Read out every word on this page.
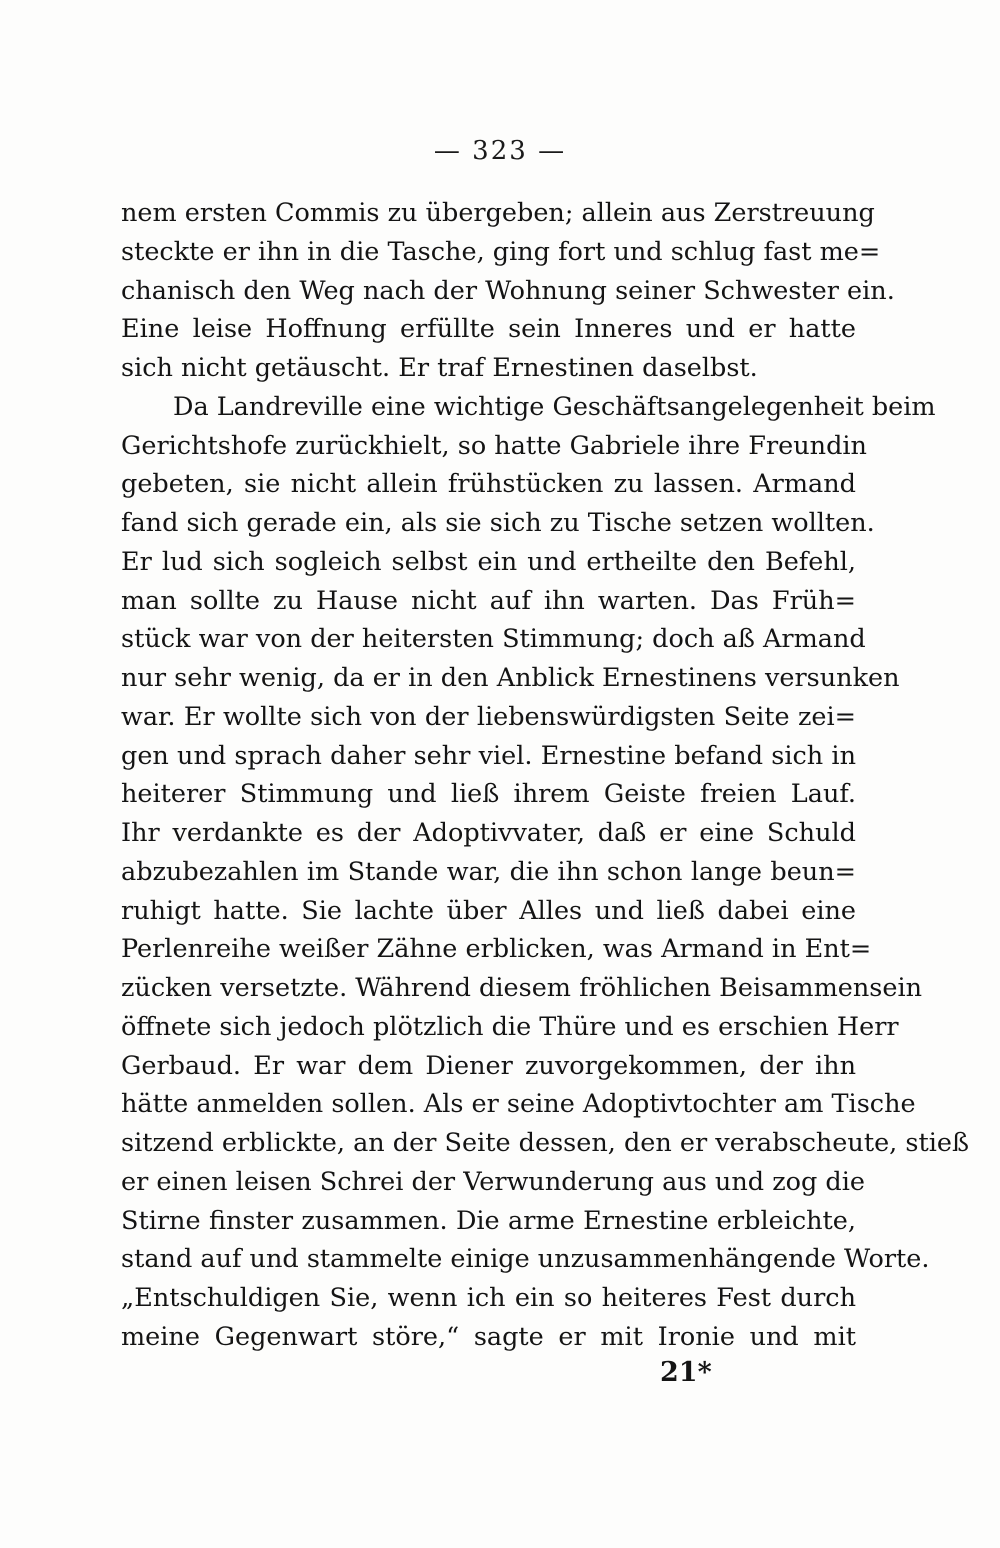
— 323 —
nem ersten Commis zu übergeben; allein aus Zerstreuung
steckte er ihn in die Tasche, ging fort und schlug fast me=
chanisch den Weg nach der Wohnung seiner Schwester ein.
Eine leise Hoffnung erfüllte sein Inneres und er hatte
sich nicht getäuscht. Er traf Ernestinen daselbst.
Da Landreville eine wichtige Geschäftsangelegenheit beim
Gerichtshofe zurückhielt, so hatte Gabriele ihre Freundin
gebeten, sie nicht allein frühstücken zu lassen. Armand
fand sich gerade ein, als sie sich zu Tische setzen wollten.
Er lud sich sogleich selbst ein und ertheilte den Befehl,
man sollte zu Hause nicht auf ihn warten. Das Früh=
stück war von der heitersten Stimmung; doch aß Armand
nur sehr wenig, da er in den Anblick Ernestinens versunken
war. Er wollte sich von der liebenswürdigsten Seite zei=
gen und sprach daher sehr viel. Ernestine befand sich in
heiterer Stimmung und ließ ihrem Geiste freien Lauf.
Ihr verdankte es der Adoptivvater, daß er eine Schuld
abzubezahlen im Stande war, die ihn schon lange beun=
ruhigt hatte. Sie lachte über Alles und ließ dabei eine
Perlenreihe weißer Zähne erblicken, was Armand in Ent=
zücken versetzte. Während diesem fröhlichen Beisammensein
öffnete sich jedoch plötzlich die Thüre und es erschien Herr
Gerbaud. Er war dem Diener zuvorgekommen, der ihn
hätte anmelden sollen. Als er seine Adoptivtochter am Tische
sitzend erblickte, an der Seite dessen, den er verabscheute, stieß
er einen leisen Schrei der Verwunderung aus und zog die
Stirne finster zusammen. Die arme Ernestine erbleichte,
stand auf und stammelte einige unzusammenhängende Worte.
„Entschuldigen Sie, wenn ich ein so heiteres Fest durch
meine Gegenwart störe,“ sagte er mit Ironie und mit
21*
